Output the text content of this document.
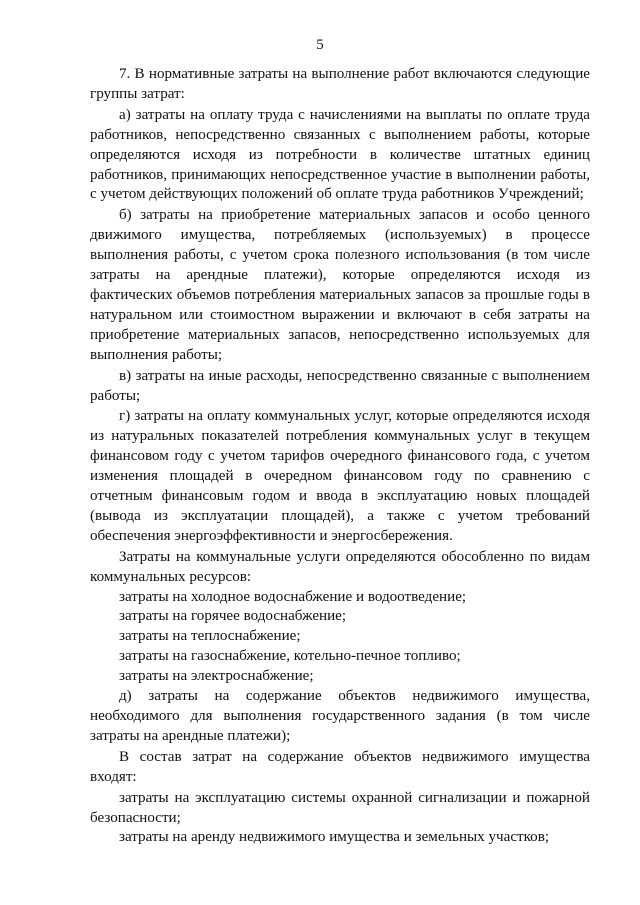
5

7. В нормативные затраты на выполнение работ включаются следующие группы затрат:

а) затраты на оплату труда с начислениями на выплаты по оплате труда работников, непосредственно связанных с выполнением работы, которые определяются исходя из потребности в количестве штатных единиц работников, принимающих непосредственное участие в выполнении работы, с учетом действующих положений об оплате труда работников Учреждений;

б) затраты на приобретение материальных запасов и особо ценного движимого имущества, потребляемых (используемых) в процессе выполнения работы, с учетом срока полезного использования (в том числе затраты на арендные платежи), которые определяются исходя из фактических объемов потребления материальных запасов за прошлые годы в натуральном или стоимостном выражении и включают в себя затраты на приобретение материальных запасов, непосредственно используемых для выполнения работы;

в) затраты на иные расходы, непосредственно связанные с выполнением работы;

г) затраты на оплату коммунальных услуг, которые определяются исходя из натуральных показателей потребления коммунальных услуг в текущем финансовом году с учетом тарифов очередного финансового года, с учетом изменения площадей в очередном финансовом году по сравнению с отчетным финансовым годом и ввода в эксплуатацию новых площадей (вывода из эксплуатации площадей), а также с учетом требований обеспечения энергоэффективности и энергосбережения.

Затраты на коммунальные услуги определяются обособленно по видам коммунальных ресурсов:

затраты на холодное водоснабжение и водоотведение;

затраты на горячее водоснабжение;

затраты на теплоснабжение;

затраты на газоснабжение, котельно-печное топливо;

затраты на электроснабжение;

д) затраты на содержание объектов недвижимого имущества, необходимого для выполнения государственного задания (в том числе затраты на арендные платежи);

В состав затрат на содержание объектов недвижимого имущества входят:

затраты на эксплуатацию системы охранной сигнализации и пожарной безопасности;

затраты на аренду недвижимого имущества и земельных участков;
